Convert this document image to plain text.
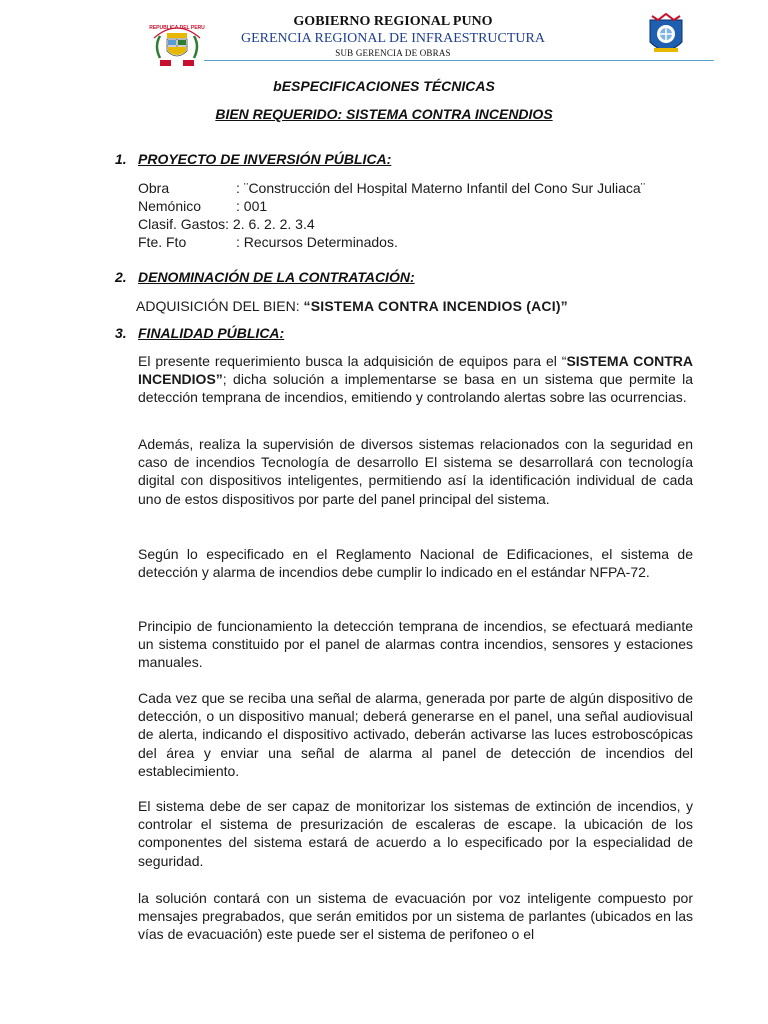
REPUBLICA DEL PERU	GOBIERNO REGIONAL PUNO
GERENCIA REGIONAL DE INFRAESTRUCTURA
SUB GERENCIA DE OBRAS
bESPECIFICACIONES TÉCNICAS
BIEN REQUERIDO: SISTEMA CONTRA INCENDIOS
1. PROYECTO DE INVERSIÓN PÚBLICA:
Obra	: ¨Construcción del Hospital Materno Infantil del Cono Sur Juliaca¨
Nemónico : 001
Clasif. Gastos: 2. 6. 2. 2. 3.4
Fte. Fto	: Recursos Determinados.
2. DENOMINACIÓN DE LA CONTRATACIÓN:
ADQUISICIÓN DEL BIEN: “SISTEMA CONTRA INCENDIOS (ACI)”
3. FINALIDAD PÚBLICA:
El presente requerimiento busca la adquisición de equipos para el “SISTEMA CONTRA INCENDIOS”; dicha solución a implementarse se basa en un sistema que permite la detección temprana de incendios, emitiendo y controlando alertas sobre las ocurrencias.
Además, realiza la supervisión de diversos sistemas relacionados con la seguridad en caso de incendios Tecnología de desarrollo El sistema se desarrollará con tecnología digital con dispositivos inteligentes, permitiendo así la identificación individual de cada uno de estos dispositivos por parte del panel principal del sistema.
Según lo especificado en el Reglamento Nacional de Edificaciones, el sistema de detección y alarma de incendios debe cumplir lo indicado en el estándar NFPA-72.
Principio de funcionamiento la detección temprana de incendios, se efectuará mediante un sistema constituido por el panel de alarmas contra incendios, sensores y estaciones manuales.
Cada vez que se reciba una señal de alarma, generada por parte de algún dispositivo de detección, o un dispositivo manual; deberá generarse en el panel, una señal audiovisual de alerta, indicando el dispositivo activado, deberán activarse las luces estroboscópicas del área y enviar una señal de alarma al panel de detección de incendios del establecimiento.
El sistema debe de ser capaz de monitorizar los sistemas de extinción de incendios, y controlar el sistema de presurización de escaleras de escape. la ubicación de los componentes del sistema estará de acuerdo a lo especificado por la especialidad de seguridad.
la solución contará con un sistema de evacuación por voz inteligente compuesto por mensajes pregrabados, que serán emitidos por un sistema de parlantes (ubicados en las vías de evacuación) este puede ser el sistema de perifoneo o el
